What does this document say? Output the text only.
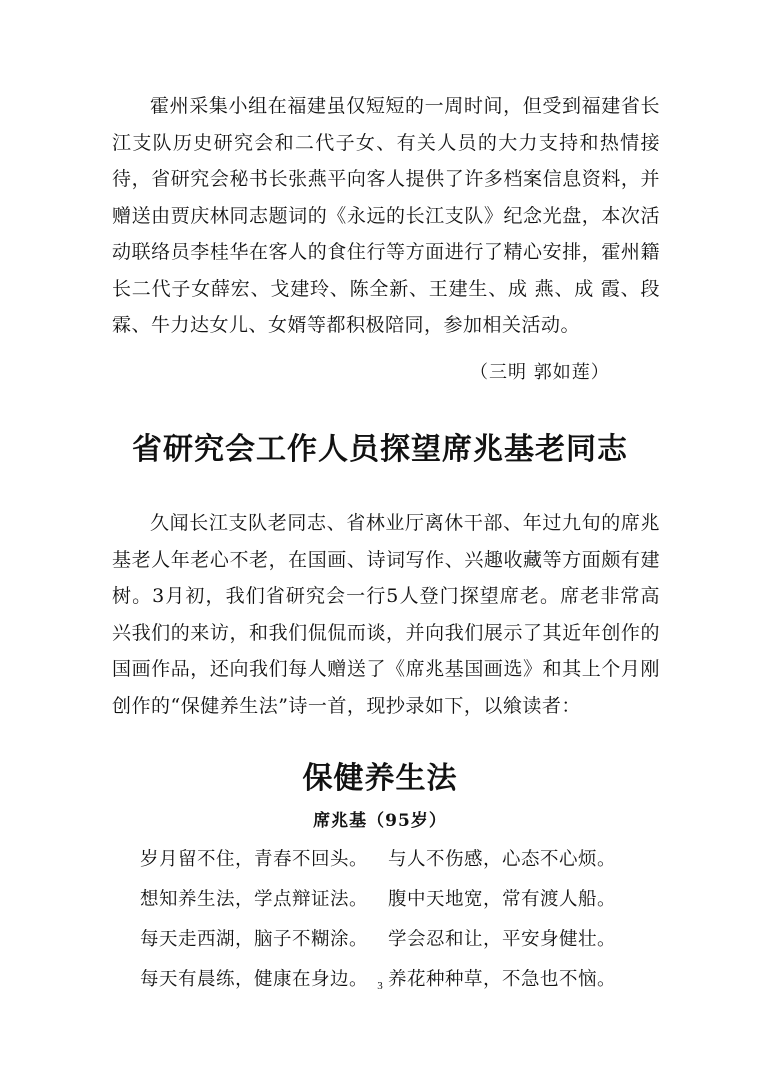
霍州采集小组在福建虽仅短短的一周时间，但受到福建省长江支队历史研究会和二代子女、有关人员的大力支持和热情接待，省研究会秘书长张燕平向客人提供了许多档案信息资料，并赠送由贾庆林同志题词的《永远的长江支队》纪念光盘，本次活动联络员李桂华在客人的食住行等方面进行了精心安排，霍州籍长二代子女薛宏、戈建玲、陈全新、王建生、成 燕、成 霞、段 霖、牛力达女儿、女婿等都积极陪同，参加相关活动。

（三明 郭如莲）
省研究会工作人员探望席兆基老同志

久闻长江支队老同志、省林业厅离休干部、年过九旬的席兆基老人年老心不老，在国画、诗词写作、兴趣收藏等方面颇有建树。3月初，我们省研究会一行5人登门探望席老。席老非常高兴我们的来访，和我们侃侃而谈，并向我们展示了其近年创作的国画作品，还向我们每人赠送了《席兆基国画选》和其上个月刚创作的“保健养生法”诗一首，现抄录如下，以飨读者：

保健养生法
席兆基（95岁）
岁月留不住，青春不回头。 与人不伤感，心态不心烦。
想知养生法，学点辩证法。 腹中天地宽，常有渡人船。
每天走西湖，脑子不糊涂。 学会忍和让，平安身健壮。
每天有晨练，健康在身边。 养花种种草，不急也不恼。
3
